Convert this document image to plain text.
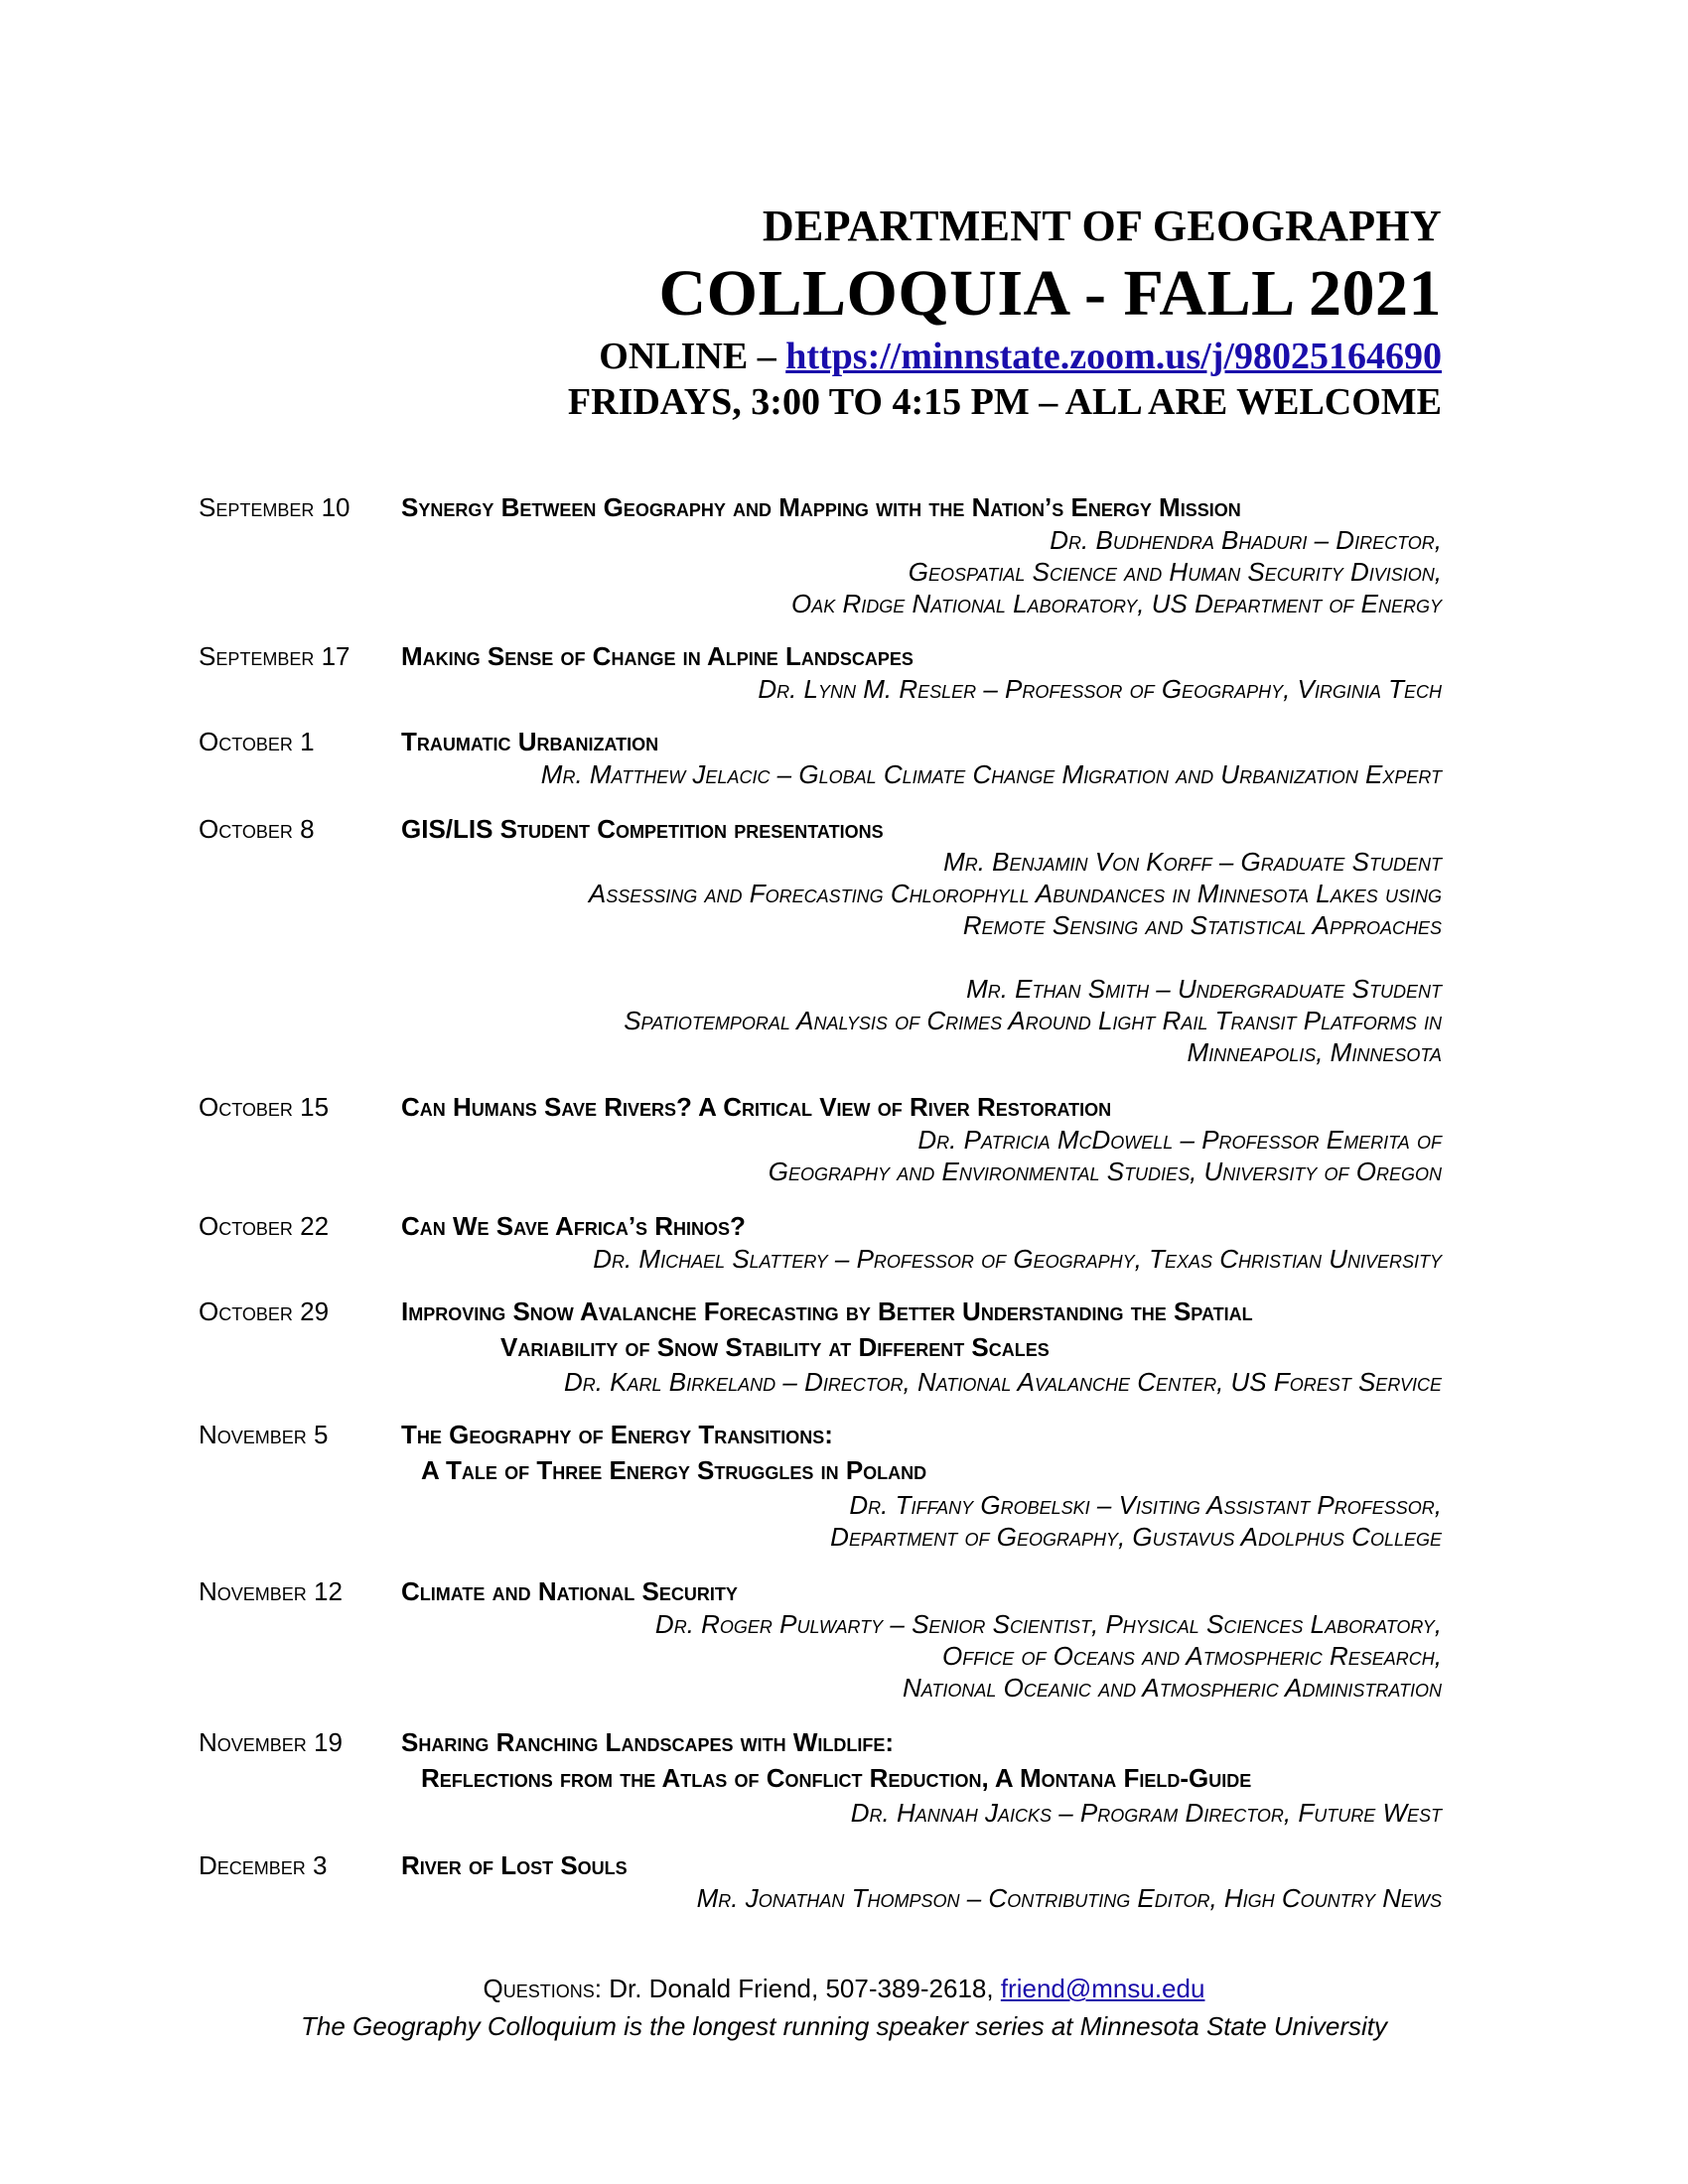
DEPARTMENT OF GEOGRAPHY
COLLOQUIA - FALL 2021
ONLINE – https://minnstate.zoom.us/j/98025164690
FRIDAYS, 3:00 TO 4:15 PM – ALL ARE WELCOME
September 10	Synergy Between Geography and Mapping with the Nation’s Energy Mission
Dr. Budhendra Bhaduri – Director,
Geospatial Science and Human Security Division,
Oak Ridge National Laboratory, US Department of Energy
September 17	Making Sense of Change in Alpine Landscapes
Dr. Lynn M. Resler – Professor of Geography, Virginia Tech
October 1	Traumatic Urbanization
Mr. Matthew Jelacic – Global Climate Change Migration and Urbanization Expert
October 8	GIS/LIS Student Competition presentations
Mr. Benjamin Von Korff – Graduate Student
Assessing and Forecasting Chlorophyll Abundances in Minnesota Lakes using
Remote Sensing and Statistical Approaches
Mr. Ethan Smith – Undergraduate Student
Spatiotemporal Analysis of Crimes Around Light Rail Transit Platforms in
Minneapolis, Minnesota
October 15	Can Humans Save Rivers? A Critical View of River Restoration
Dr. Patricia McDowell – Professor Emerita of
Geography and Environmental Studies, University of Oregon
October 22	Can We Save Africa’s Rhinos?
Dr. Michael Slattery – Professor of Geography, Texas Christian University
October 29	Improving Snow Avalanche Forecasting by Better Understanding the Spatial
Variability of Snow Stability at Different Scales
Dr. Karl Birkeland – Director, National Avalanche Center, US Forest Service
November 5	The Geography of Energy Transitions:
A Tale of Three Energy Struggles in Poland
Dr. Tiffany Grobelski – Visiting Assistant Professor,
Department of Geography, Gustavus Adolphus College
November 12	Climate and National Security
Dr. Roger Pulwarty – Senior Scientist, Physical Sciences Laboratory,
Office of Oceans and Atmospheric Research,
National Oceanic and Atmospheric Administration
November 19	Sharing Ranching Landscapes with Wildlife:
Reflections from the Atlas of Conflict Reduction, A Montana Field-Guide
Dr. Hannah Jaicks – Program Director, Future West
December 3	River of Lost Souls
Mr. Jonathan Thompson – Contributing Editor, High Country News
Questions: Dr. Donald Friend, 507-389-2618, friend@mnsu.edu
The Geography Colloquium is the longest running speaker series at Minnesota State University
